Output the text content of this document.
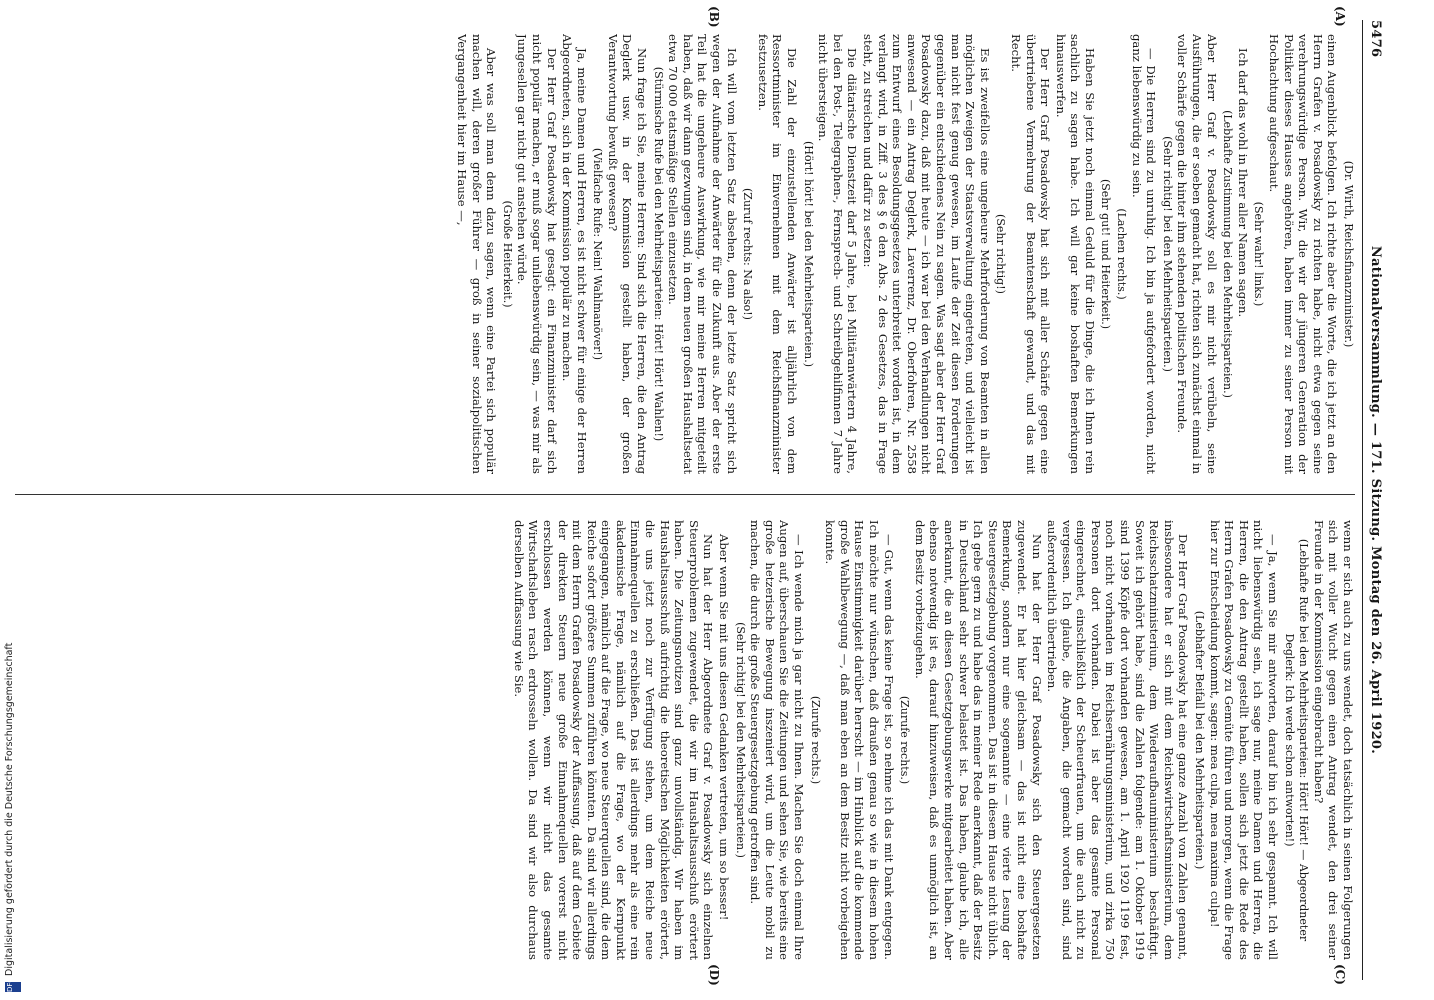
5476
Nationalversammlung. — 171. Sitzung. Montag den 26. April 1920.
(A)
(B)
(C)
(D)

(Dr. Wirth, Reichsfinanzminister.)

einen Augenblick befolgen. Ich richte aber die Worte, die ich jetzt an den Herrn Grafen v. Posadowsky zu richten habe, nicht etwa gegen seine verehrungswürdige Person. Wir, die wir der jüngeren Generation der Politiker dieses Hauses angehören, haben immer zu seiner Person mit Hochachtung aufgeschaut.

(Sehr wahr! links.)

Ich darf das wohl in Ihrer aller Namen sagen.

(Lebhafte Zustimmung bei den Mehrheitsparteien.)

Aber Herr Graf v. Posadowsky soll es mir nicht verübeln, seine Ausführungen, die er soeben gemacht hat, richten sich zunächst einmal in voller Schärfe gegen die hinter ihm stehenden politischen Freunde.

(Sehr richtig! bei den Mehrheitsparteien.)

— Die Herren sind zu unruhig. Ich bin ja aufgefordert worden, nicht ganz liebenswürdig zu sein.

(Lachen rechts.)

(Sehr gut! und Heiterkeit.)

Haben Sie jetzt noch einmal Geduld für die Dinge, die ich Ihnen rein sachlich zu sagen habe. Ich will gar keine boshaften Bemerkungen hinauswerfen.

Der Herr Graf Posadowsky hat sich mit aller Schärfe gegen eine übertriebene Vermehrung der Beamtenschaft gewandt, und das mit Recht.

(Sehr richtig!)

Es ist zweifellos eine ungeheure Mehrforderung von Beamten in allen möglichen Zweigen der Staatsverwaltung eingetreten, und vielleicht ist man nicht fest genug gewesen, im Laufe der Zeit diesen Forderungen gegenüber ein entschiedenes Nein zu sagen. Was sagt aber der Herr Graf Posadowsky dazu, daß mit heute — ich war bei den Verhandlungen nicht anwesend — ein Antrag Deglerk, Laverrenz, Dr. Oberfohren, Nr. 2558 zum Entwurf eines Besoldungsgesetzes unterbreitet worden ist, in dem verlangt wird, in Ziff. 3 des § 6 den Abs. 2 des Gesetzes, das in Frage steht, zu streichen und dafür zu setzen:

Die diätarische Dienstzeit darf 5 Jahre, bei Militäranwärtern 4 Jahre, bei den Post-, Telegraphen-, Fernsprech- und Schreibgehilfinnen 7 Jahre nicht übersteigen.

(Hört! hört! bei den Mehrheitsparteien.)

Die Zahl der einzustellenden Anwärter ist alljährlich von dem Ressortminister im Einvernehmen mit dem Reichsfinanzminister festzusetzen.

(Zuruf rechts: Na also!)

Ich will vom letzten Satz absehen, denn der letzte Satz spricht sich wegen der Aufnahme der Anwärter für die Zukunft aus. Aber der erste Teil hat die ungeheure Auswirkung, wie mir meine Herren mitgeteilt haben, daß wir dann gezwungen sind, in dem neuen großen Haushaltsetat etwa 70 000 etatsmäßige Stellen einzusetzen.

(Stürmische Rufe bei den Mehrheitsparteien: Hört! Hört! Wahlen!)

Nun frage ich Sie, meine Herren: Sind sich die Herren, die den Antrag Deglerk usw. in der Kommission gestellt haben, der großen Verantwortung bewußt gewesen?

(Vielfache Rufe: Nein! Wahlmanöver!)

Ja, meine Damen und Herren, es ist nicht schwer für einige der Herren Abgeordneten, sich in der Kommission populär zu machen.

Der Herr Graf Posadowsky hat gesagt: ein Finanzminister darf sich nicht populär machen, er muß sogar unliebenswürdig sein, — was mir als Jungesellen gar nicht gut anstehen würde.

(Große Heiterkeit.)

Aber was soll man denn dazu sagen, wenn eine Partei sich populär machen will, deren großer Führer — groß in seiner sozialpolitischen Vergangenheit hier im Hause —,

wenn er sich auch zu uns wendet, doch tatsächlich in seinen Folgerungen sich mit voller Wucht gegen einen Antrag wendet, den drei seiner Freunde in der Kommission eingebracht haben?

(Lebhafte Rufe bei den Mehrheitsparteien: Hört! Hört! — Abgeordneter Deglerk: Ich werde schon antworten!)

— Ja, wenn Sie mir antworten, darauf bin ich sehr gespannt. Ich will nicht liebenswürdig sein, ich sage nur, meine Damen und Herren, die Herren, die den Antrag gestellt haben, sollen sich jetzt die Rede des Herrn Grafen Posadowsky zu Gemüte führen und morgen, wenn die Frage hier zur Entscheidung kommt, sagen: mea culpa, mea maxima culpa!

(Lebhafter Beifall bei den Mehrheitsparteien.)

Der Herr Graf Posadowsky hat eine ganze Anzahl von Zahlen genannt, insbesondere hat er sich mit dem Reichswirtschaftsministerium, dem Reichsschatzministerium, dem Wiederaufbauministerium beschäftigt. Soweit ich gehört habe, sind die Zahlen folgende: am 1. Oktober 1919 sind 1399 Köpfe dort vorhanden gewesen, am 1. April 1920 1199 fest, noch nicht vorhanden im Reichsernährungsministerium, und zirka 750 Personen dort vorhanden. Dabei ist aber das gesamte Personal eingerechnet, einschließlich der Scheuerfrauen, um die auch nicht zu vergessen. Ich glaube, die Angaben, die gemacht worden sind, sind außerordentlich übertrieben.

Nun hat der Herr Graf Posadowsky sich den Steuergesetzen zugewendet. Er hat hier gleichsam — das ist nicht eine boshafte Bemerkung, sondern nur eine sogenannte — eine vierte Lesung der Steuergesetzgebung vorgenommen. Das ist in diesem Hause nicht üblich. Ich gebe gern zu und habe das in meiner Rede anerkannt, daß der Besitz in Deutschland sehr schwer belastet ist. Das haben, glaube ich, alle anerkannt, die an diesen Gesetzgebungswerke mitgearbeitet haben. Aber ebenso notwendig ist es, darauf hinzuweisen, daß es unmöglich ist, an dem Besitz vorbeizugehen.

(Zurufe rechts.)

— Gut, wenn das keine Frage ist, so nehme ich das mit Dank entgegen. Ich möchte nur wünschen, daß draußen genau so wie in diesem hohen Hause Einstimmigkeit darüber herrscht — im Hinblick auf die kommende große Wahlbewegung —, daß man eben an dem Besitz nicht vorbeigehen konnte.

(Zurufe rechts.)

— Ich wende mich ja gar nicht zu Ihnen. Machen Sie doch einmal Ihre Augen auf, überschauen Sie die Zeitungen und sehen Sie, wie bereits eine große hetzerische Bewegung inszeniert wird, um die Leute mobil zu machen, die durch die große Steuergesetzgebung getroffen sind.

(Sehr richtig! bei den Mehrheitsparteien.)

Aber wenn Sie mit uns diesen Gedanken vertreten, um so besser!

Nun hat der Herr Abgeordnete Graf v. Posadowsky sich einzelnen Steuerproblemen zugewendet, die wir im Haushaltsausschuß erörtert haben. Die Zeitungsnotizen sind ganz unvollständig. Wir haben im Haushaltsausschuß aufrichtig die theoretischen Möglichkeiten erörtert, die uns jetzt noch zur Verfügung stehen, um dem Reiche neue Einnahmequellen zu erschließen. Das ist allerdings mehr als eine rein akademische Frage, nämlich auf die Frage, wo der Kernpunkt eingegangen, nämlich auf die Frage, wo neue Steuerquellen sind, die dem Reiche sofort größere Summen zuführen könnten. Da sind wir allerdings mit dem Herrn Grafen Posadowsky der Auffassung, daß auf dem Gebiete der direkten Steuern neue große Einnahmequellen vorerst nicht erschlossen werden können, wenn wir nicht das gesamte Wirtschaftsleben rasch erdrosseln wollen. Da sind wir also durchaus derselben Auffassung wie Sie.

DFG Digitalisierung gefördert durch die Deutsche Forschungsgemeinschaft
